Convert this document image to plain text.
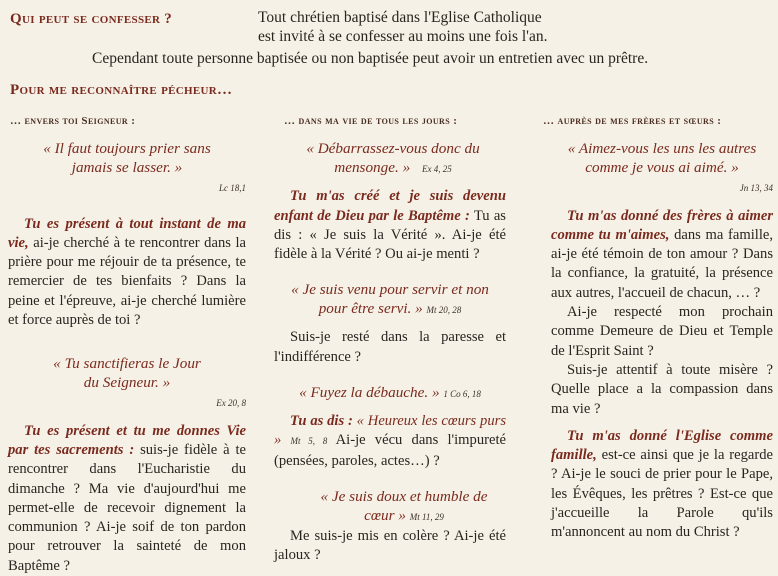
Qui peut se confesser ?	Tout chrétien baptisé dans l'Eglise Catholique
est invité à se confesser au moins une fois l'an.
Cependant toute personne baptisée ou non baptisée peut avoir un entretien avec un prêtre.
Pour me reconnaître pécheur…
… envers toi Seigneur :
« Il faut toujours prier sans jamais se lasser. »
Lc 18,1
Tu es présent à tout instant de ma vie, ai-je cherché à te rencontrer dans la prière pour me réjouir de ta présence, te remercier de tes bienfaits ? Dans la peine et l'épreuve, ai-je cherché lumière et force auprès de toi ?
« Tu sanctifieras le Jour du Seigneur. »
Ex 20, 8
Tu es présent et tu me donnes Vie par tes sacrements : suis-je fidèle à te rencontrer dans l'Eucharistie du dimanche ? Ma vie d'aujourd'hui me permet-elle de recevoir dignement la communion ? Ai-je soif de ton pardon pour retrouver la sainteté de mon Baptême ?
… dans ma vie de tous les jours :
« Débarrassez-vous donc du mensonge. » Ex 4, 25
Tu m'as créé et je suis devenu enfant de Dieu par le Baptême : Tu as dis : « Je suis la Vérité ». Ai-je été fidèle à la Vérité ? Ou ai-je menti ?
« Je suis venu pour servir et non pour être servi. » Mt 20, 28
Suis-je resté dans la paresse et l'indifférence ?
« Fuyez la débauche. » 1 Co 6, 18
Tu as dis : « Heureux les cœurs purs » Mt 5, 8 Ai-je vécu dans l'impureté (pensées, paroles, actes…) ?
« Je suis doux et humble de cœur » Mt 11, 29
Me suis-je mis en colère ? Ai-je été jaloux ?
… auprès de mes frères et sœurs :
« Aimez-vous les uns les autres comme je vous ai aimé. »
Jn 13, 34
Tu m'as donné des frères à aimer comme tu m'aimes, dans ma famille, ai-je été témoin de ton amour ? Dans la confiance, la gratuité, la présence aux autres, l'accueil de chacun, … ?
Ai-je respecté mon prochain comme Demeure de Dieu et Temple de l'Esprit Saint ?
Suis-je attentif à toute misère ? Quelle place a la compassion dans ma vie ?
Tu m'as donné l'Eglise comme famille, est-ce ainsi que je la regarde ? Ai-je le souci de prier pour le Pape, les Évêques, les prêtres ? Est-ce que j'accueille la Parole qu'ils m'annoncent au nom du Christ ?
